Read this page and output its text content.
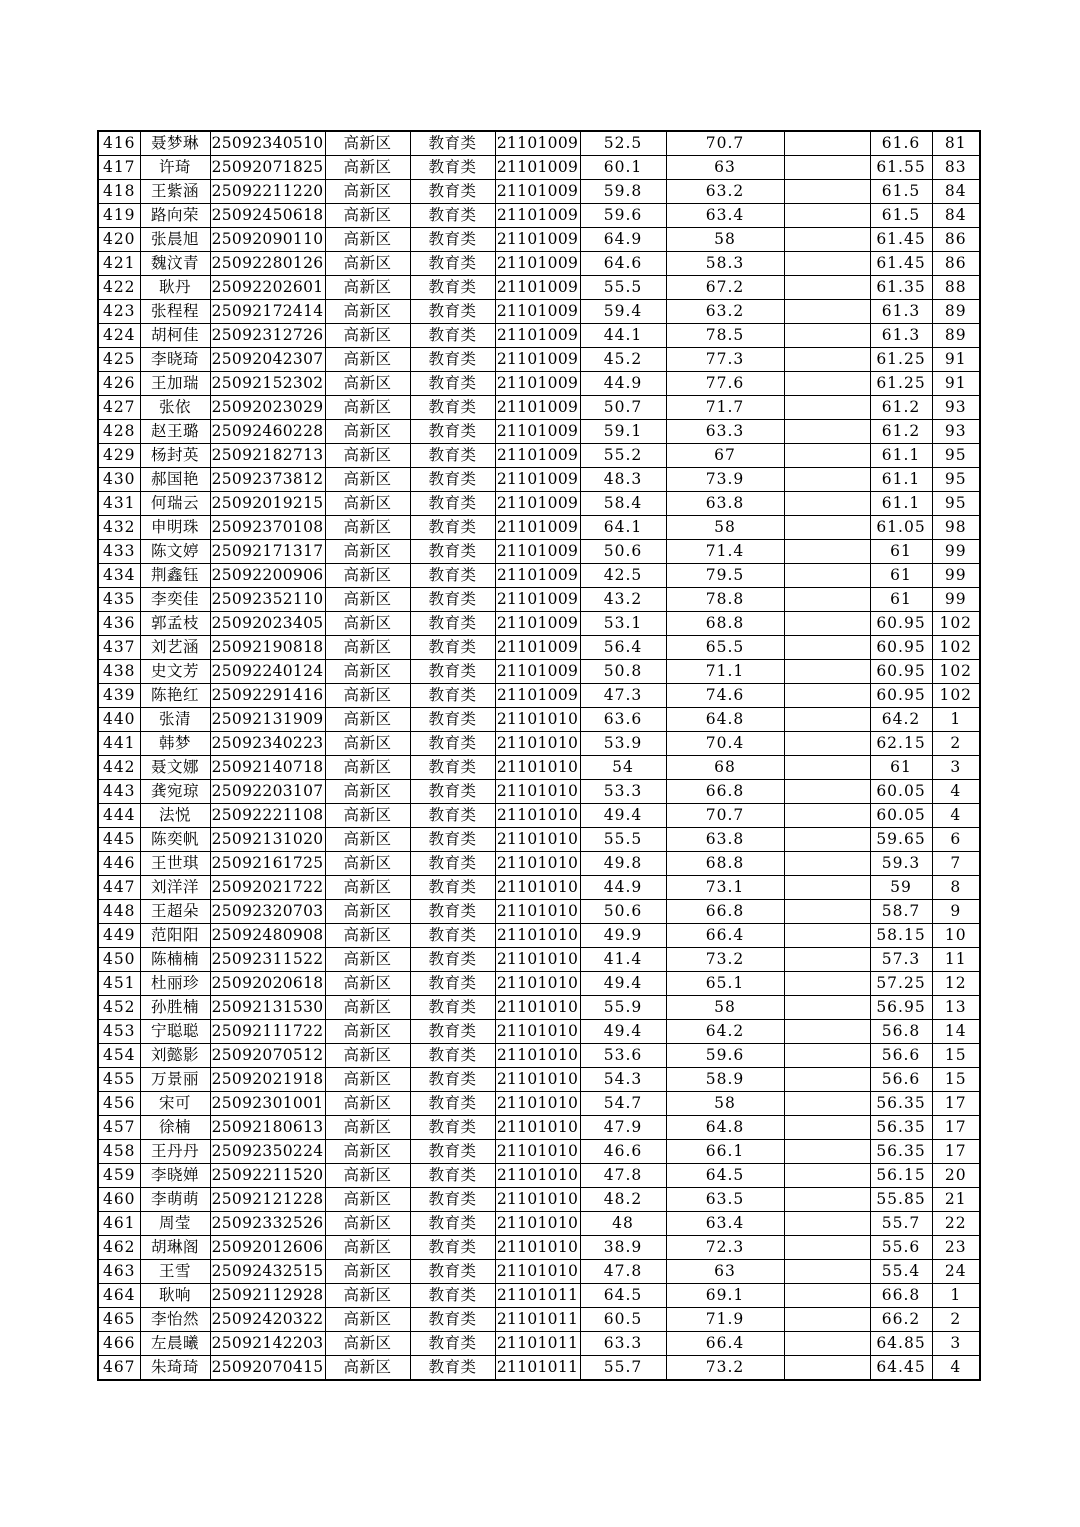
416	聂梦琳	25092340510	高新区	教育类	21101009	52.5	70.7		61.6	81
417	许琦	25092071825	高新区	教育类	21101009	60.1	63		61.55	83
418	王紫涵	25092211220	高新区	教育类	21101009	59.8	63.2		61.5	84
419	路向荣	25092450618	高新区	教育类	21101009	59.6	63.4		61.5	84
420	张晨旭	25092090110	高新区	教育类	21101009	64.9	58		61.45	86
421	魏汶青	25092280126	高新区	教育类	21101009	64.6	58.3		61.45	86
422	耿丹	25092202601	高新区	教育类	21101009	55.5	67.2		61.35	88
423	张程程	25092172414	高新区	教育类	21101009	59.4	63.2		61.3	89
424	胡柯佳	25092312726	高新区	教育类	21101009	44.1	78.5		61.3	89
425	李晓琦	25092042307	高新区	教育类	21101009	45.2	77.3		61.25	91
426	王加瑞	25092152302	高新区	教育类	21101009	44.9	77.6		61.25	91
427	张依	25092023029	高新区	教育类	21101009	50.7	71.7		61.2	93
428	赵王璐	25092460228	高新区	教育类	21101009	59.1	63.3		61.2	93
429	杨封英	25092182713	高新区	教育类	21101009	55.2	67		61.1	95
430	郝国艳	25092373812	高新区	教育类	21101009	48.3	73.9		61.1	95
431	何瑞云	25092019215	高新区	教育类	21101009	58.4	63.8		61.1	95
432	申明珠	25092370108	高新区	教育类	21101009	64.1	58		61.05	98
433	陈文婷	25092171317	高新区	教育类	21101009	50.6	71.4		61	99
434	荆鑫钰	25092200906	高新区	教育类	21101009	42.5	79.5		61	99
435	李奕佳	25092352110	高新区	教育类	21101009	43.2	78.8		61	99
436	郭孟枝	25092023405	高新区	教育类	21101009	53.1	68.8		60.95	102
437	刘艺涵	25092190818	高新区	教育类	21101009	56.4	65.5		60.95	102
438	史文芳	25092240124	高新区	教育类	21101009	50.8	71.1		60.95	102
439	陈艳红	25092291416	高新区	教育类	21101009	47.3	74.6		60.95	102
440	张清	25092131909	高新区	教育类	21101010	63.6	64.8		64.2	1
441	韩梦	25092340223	高新区	教育类	21101010	53.9	70.4		62.15	2
442	聂文娜	25092140718	高新区	教育类	21101010	54	68		61	3
443	龚宛琼	25092203107	高新区	教育类	21101010	53.3	66.8		60.05	4
444	法悦	25092221108	高新区	教育类	21101010	49.4	70.7		60.05	4
445	陈奕帆	25092131020	高新区	教育类	21101010	55.5	63.8		59.65	6
446	王世琪	25092161725	高新区	教育类	21101010	49.8	68.8		59.3	7
447	刘洋洋	25092021722	高新区	教育类	21101010	44.9	73.1		59	8
448	王超朵	25092320703	高新区	教育类	21101010	50.6	66.8		58.7	9
449	范阳阳	25092480908	高新区	教育类	21101010	49.9	66.4		58.15	10
450	陈楠楠	25092311522	高新区	教育类	21101010	41.4	73.2		57.3	11
451	杜丽珍	25092020618	高新区	教育类	21101010	49.4	65.1		57.25	12
452	孙胜楠	25092131530	高新区	教育类	21101010	55.9	58		56.95	13
453	宁聪聪	25092111722	高新区	教育类	21101010	49.4	64.2		56.8	14
454	刘懿影	25092070512	高新区	教育类	21101010	53.6	59.6		56.6	15
455	万景丽	25092021918	高新区	教育类	21101010	54.3	58.9		56.6	15
456	宋可	25092301001	高新区	教育类	21101010	54.7	58		56.35	17
457	徐楠	25092180613	高新区	教育类	21101010	47.9	64.8		56.35	17
458	王丹丹	25092350224	高新区	教育类	21101010	46.6	66.1		56.35	17
459	李晓婵	25092211520	高新区	教育类	21101010	47.8	64.5		56.15	20
460	李萌萌	25092121228	高新区	教育类	21101010	48.2	63.5		55.85	21
461	周莹	25092332526	高新区	教育类	21101010	48	63.4		55.7	22
462	胡琳阁	25092012606	高新区	教育类	21101010	38.9	72.3		55.6	23
463	王雪	25092432515	高新区	教育类	21101010	47.8	63		55.4	24
464	耿响	25092112928	高新区	教育类	21101011	64.5	69.1		66.8	1
465	李怡然	25092420322	高新区	教育类	21101011	60.5	71.9		66.2	2
466	左晨曦	25092142203	高新区	教育类	21101011	63.3	66.4		64.85	3
467	朱琦琦	25092070415	高新区	教育类	21101011	55.7	73.2		64.45	4
